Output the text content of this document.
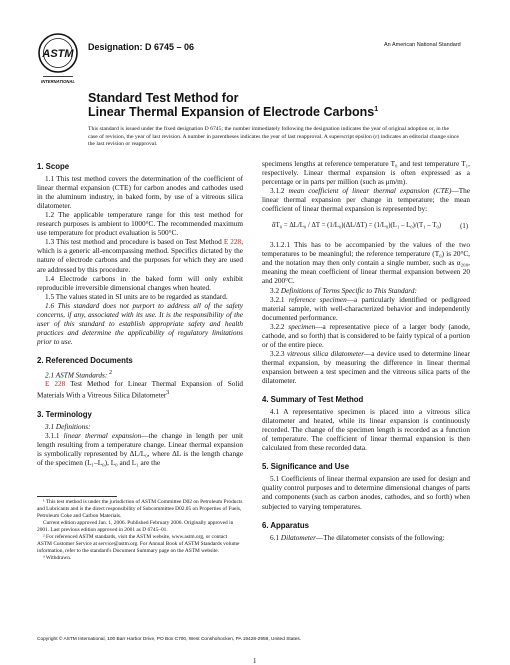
ASTM
INTERNATIONAL
Designation: D 6745 – 06	An American National Standard
Standard Test Method for
Linear Thermal Expansion of Electrode Carbons$^1$
This standard is issued under the fixed designation D 6745; the number immediately following the designation indicates the year of original adoption or, in the case of revision, the year of last revision. A number in parentheses indicates the year of last reapproval. A superscript epsilon (ε) indicates an editorial change since the last revision or reapproval.
1. Scope

1.1 This test method covers the determination of the coefficient of linear thermal expansion (CTE) for carbon anodes and cathodes used in the aluminum industry, in baked form, by use of a vitreous silica dilatometer.

1.2 The applicable temperature range for this test method for research purposes is ambient to 1000°C. The recommended maximum use temperature for product evaluation is 500°C.

1.3 This test method and procedure is based on Test Method E 228, which is a generic all-encompassing method. Specifics dictated by the nature of electrode carbons and the purposes for which they are used are addressed by this procedure.

1.4 Electrode carbons in the baked form will only exhibit reproducible irreversible dimensional changes when heated.

1.5 The values stated in SI units are to be regarded as standard.

1.6 This standard does not purport to address all of the safety concerns, if any, associated with its use. It is the responsibility of the user of this standard to establish appropriate safety and health practices and determine the applicability of regulatory limitations prior to use.

2. Referenced Documents

2.1 ASTM Standards: $^2$

E 228 Test Method for Linear Thermal Expansion of Solid Materials With a Vitreous Silica Dilatometer$^3$

3. Terminology

3.1 Definitions:

3.1.1 linear thermal expansion—the change in length per unit length resulting from a temperature change. Linear thermal expansion is symbolically represented by ΔL/L₀, where ΔL is the length change of the specimen (L₁–L₀), L₀ and L₁ are the

¹ This test method is under the jurisdiction of ASTM Committee D02 on Petroleum Products and Lubricants and is the direct responsibility of Subcommittee D02.05 on Properties of Fuels, Petroleum Coke and Carbon Materials.

Current edition approved Jan. 1, 2006. Published February 2006. Originally approved in 2001. Last previous edition approved in 2001 as D 6745–01.

² For referenced ASTM standards, visit the ASTM website, www.astm.org, or contact ASTM Customer Service at service@astm.org. For Annual Book of ASTM Standards volume information, refer to the standard's Document Summary page on the ASTM website.

³ Withdrawn.

specimens lengths at reference temperature T₀ and test temperature T₁, respectively. Linear thermal expansion is often expressed as a percentage or in parts per million (such as μm/m).

3.1.2 mean coefficient of linear thermal expansion (CTE)—The linear thermal expansion per change in temperature; the mean coefficient of linear thermal expansion is represented by:

ᾱT₀ = ΔL/L₀ / ΔT = (1/L₀)(ΔL/ΔT) = (1/L₀)(L₁ – L₀)/(T₁ – T₀)	(1)

3.1.2.1 This has to be accompanied by the values of the two temperatures to be meaningful; the reference temperature (T₀) is 20°C, and the notation may then only contain a single number, such as α₂₀₀, meaning the mean coefficient of linear thermal expansion between 20 and 200°C.

3.2 Definitions of Terms Specific to This Standard:

3.2.1 reference specimen—a particularly identified or pedigreed material sample, with well-characterized behavior and independently documented performance.

3.2.2 specimen—a representative piece of a larger body (anode, cathode, and so forth) that is considered to be fairly typical of a portion or of the entire piece.

3.2.3 vitreous silica dilatometer—a device used to determine linear thermal expansion, by measuring the difference in linear thermal expansion between a test specimen and the vitreous silica parts of the dilatometer.

4. Summary of Test Method

4.1 A representative specimen is placed into a vitreous silica dilatometer and heated, while its linear expansion is continuously recorded. The change of the specimen length is recorded as a function of temperature. The coefficient of linear thermal expansion is then calculated from these recorded data.

5. Significance and Use

5.1 Coefficients of linear thermal expansion are used for design and quality control purposes and to determine dimensional changes of parts and components (such as carbon anodes, cathodes, and so forth) when subjected to varying temperatures.

6. Apparatus

6.1 Dilatometer—The dilatometer consists of the following:

Copyright © ASTM International, 100 Barr Harbor Drive, PO Box C700, West Conshohocken, PA 19428-2959, United States.
1
